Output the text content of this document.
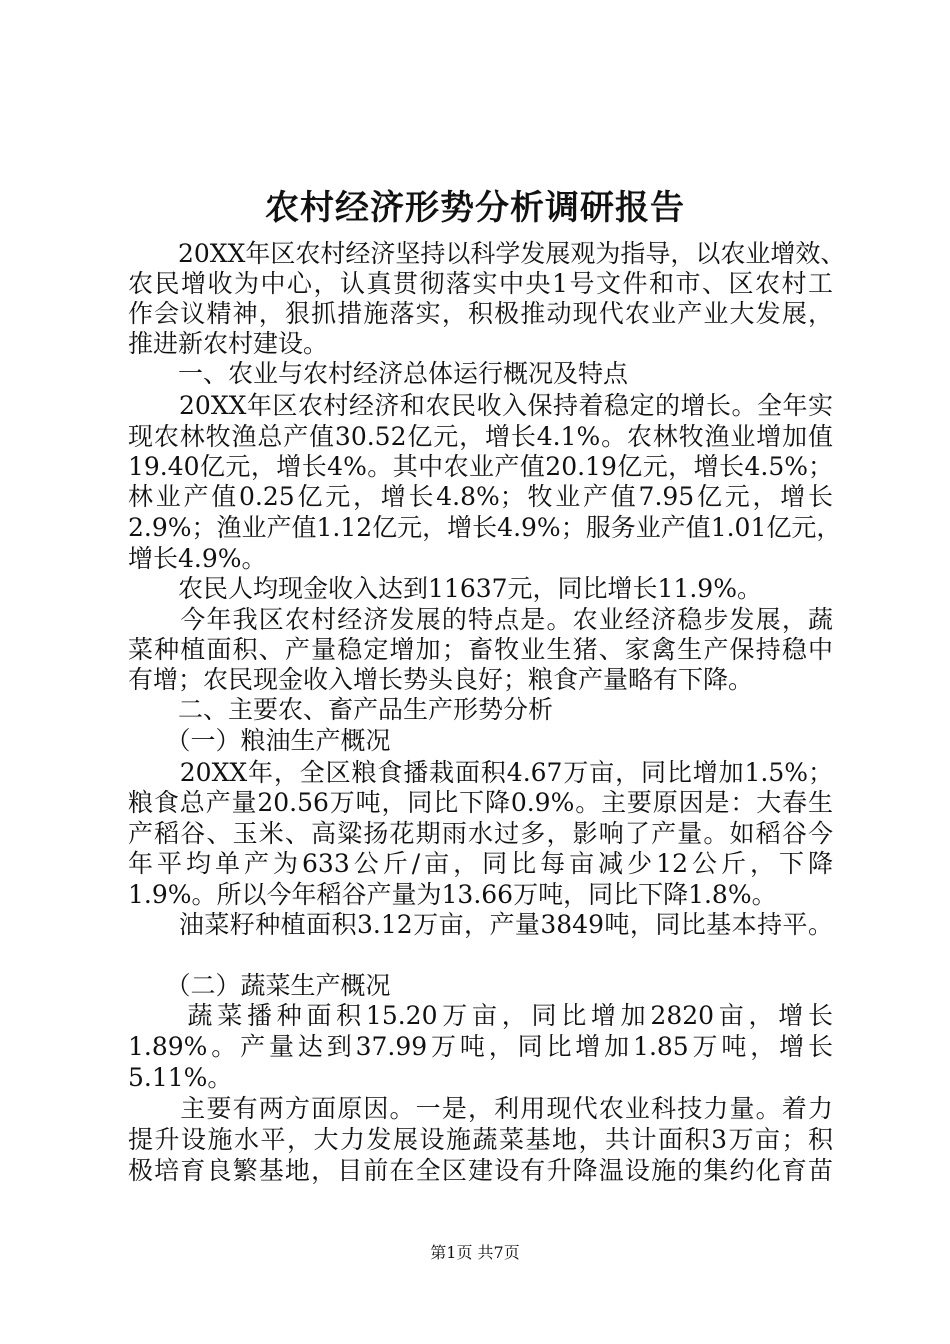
农村经济形势分析调研报告
　　20XX年区农村经济坚持以科学发展观为指导，以农业增效、
农民增收为中心，认真贯彻落实中央1号文件和市、区农村工
作会议精神，狠抓措施落实，积极推动现代农业产业大发展，
推进新农村建设。
　　一、农业与农村经济总体运行概况及特点
　　20XX年区农村经济和农民收入保持着稳定的增长。全年实
现农林牧渔总产值30.52亿元，增长4.1%。农林牧渔业增加值
19.40亿元，增长4%。其中农业产值20.19亿元，增长4.5%；
林业产值0.25亿元，增长4.8%；牧业产值7.95亿元，增长
2.9%；渔业产值1.12亿元，增长4.9%；服务业产值1.01亿元，
增长4.9%。
　　农民人均现金收入达到11637元，同比增长11.9%。
　　今年我区农村经济发展的特点是。农业经济稳步发展，蔬
菜种植面积、产量稳定增加；畜牧业生猪、家禽生产保持稳中
有增；农民现金收入增长势头良好；粮食产量略有下降。
　　二、主要农、畜产品生产形势分析
　　（一）粮油生产概况
　　20XX年，全区粮食播栽面积4.67万亩，同比增加1.5%；
粮食总产量20.56万吨，同比下降0.9%。主要原因是：大春生
产稻谷、玉米、高粱扬花期雨水过多，影响了产量。如稻谷今
年平均单产为633公斤/亩，同比每亩减少12公斤，下降
1.9%。所以今年稻谷产量为13.66万吨，同比下降1.8%。
　　油菜籽种植面积3.12万亩，产量3849吨，同比基本持平。
　　（二）蔬菜生产概况
　　蔬菜播种面积15.20万亩，同比增加2820亩，增长
1.89%。产量达到37.99万吨，同比增加1.85万吨，增长
5.11%。
　　主要有两方面原因。一是，利用现代农业科技力量。着力
提升设施水平，大力发展设施蔬菜基地，共计面积3万亩；积
极培育良繁基地，目前在全区建设有升降温设施的集约化育苗
第1页 共7页
